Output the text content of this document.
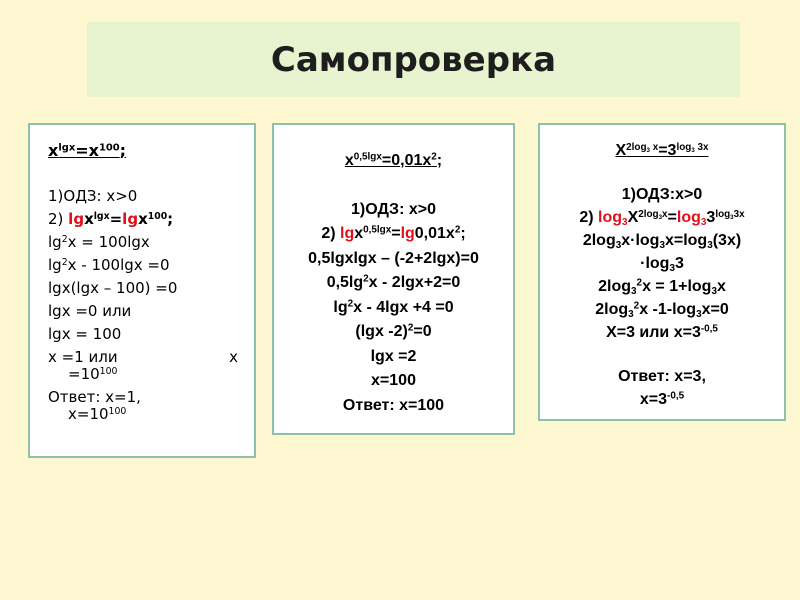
Самопроверка
$x^{lgx}=x^{100}$;
1)ОДЗ: x>0
2) lgx$^{lgx}$=lgx$^{100}$;
$\lg^2x = 100\lg x$
$\lg^2x - 100\lg x =0$
lgx(lgx – 100) =0
lgx =0 или
lgx = 100
x =1 или	x
$=10^{100}$
Ответ: x=1,
$x=10^{100}$
$x^{0,5lgx}=0,01x^2$;
1)ОДЗ: x>0
2) $\lg x^{0,5lgx}=\lg 0,01x^2$;
0,5lgxlgx – (-2+2lgx)=0
$0,5\lg^2x - 2\lg x+2=0$
$\lg^2x - 4\lg x +4 =0$
(lgx -2)$^2$=0
lgx =2
x=100
Ответ: x=100
$X^{2log_3 x}=3^{log_3 3x}$
1)ОДЗ:x>0
2) $\log_3X^{2log_3x}=\log_33^{log_33x}$
$2\log_3x\cdot\log_3x=\log_3(3x)$
$\cdot\log_33$
$2\log_3^2x = 1+\log_3x$
$2\log_3^2x$ $-1-\log_3x=0$
X=3 или $x=3^{-0,5}$
Ответ: x=3,
$x=3^{-0,5}$
